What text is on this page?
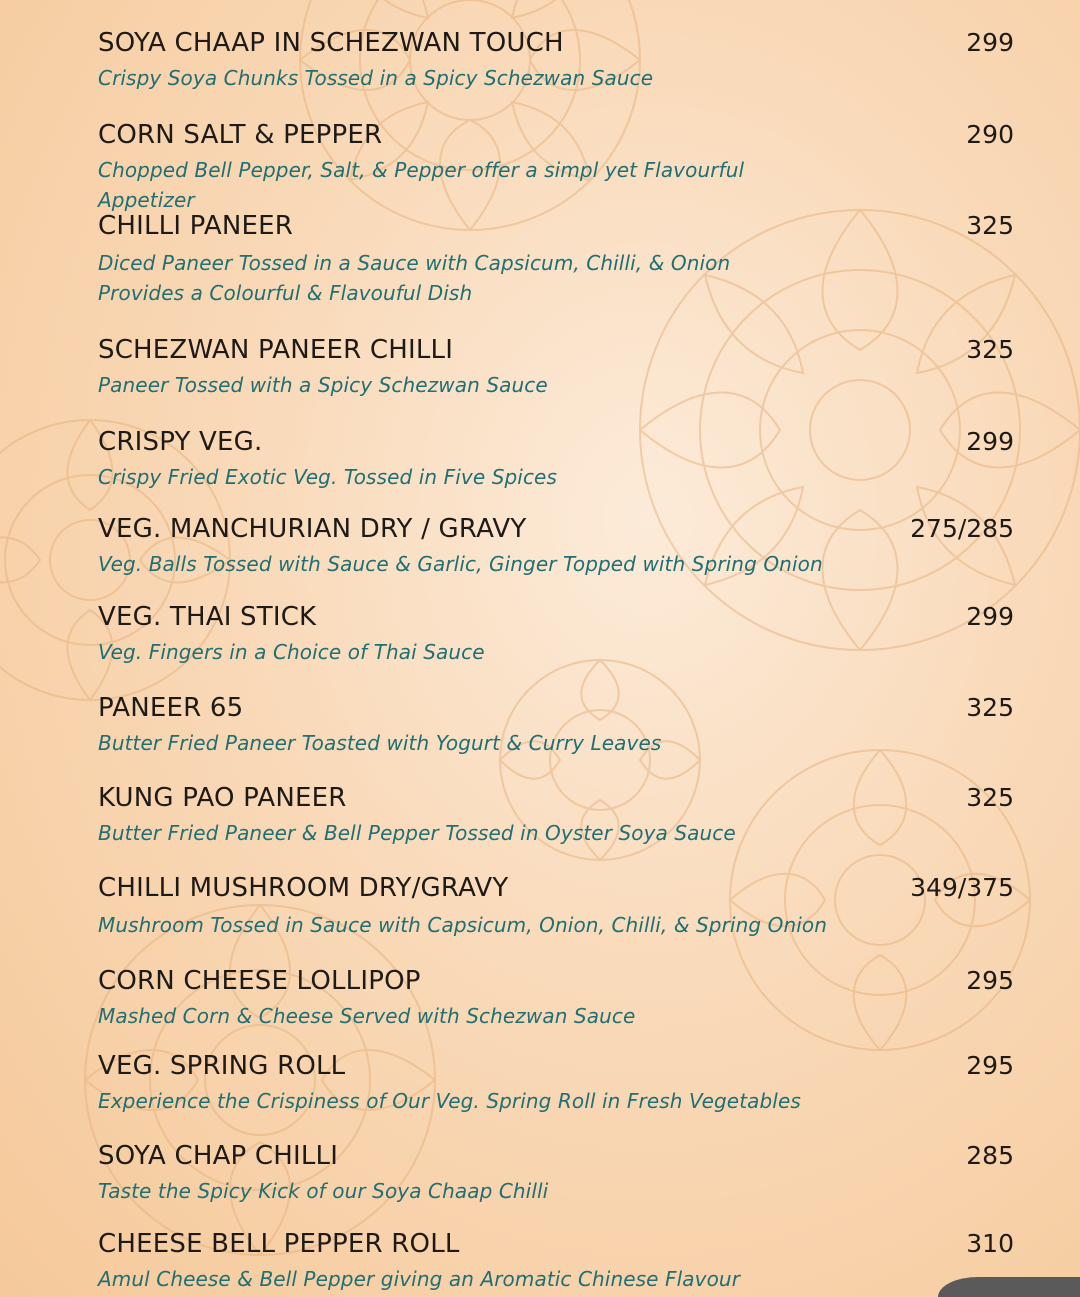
SOYA CHAAP IN SCHEZWAN TOUCH	299
Crispy Soya Chunks Tossed in a Spicy Schezwan Sauce
CORN SALT & PEPPER	290
Chopped Bell Pepper, Salt, & Pepper offer a simpl yet Flavourful Appetizer
CHILLI PANEER	325
Diced Paneer Tossed in a Sauce with Capsicum, Chilli, & Onion Provides a Colourful & Flavouful Dish
SCHEZWAN PANEER CHILLI	325
Paneer Tossed with a Spicy Schezwan Sauce
CRISPY VEG.	299
Crispy Fried Exotic Veg. Tossed in Five Spices
VEG. MANCHURIAN DRY / GRAVY	275/285
Veg. Balls Tossed with Sauce & Garlic, Ginger Topped with Spring Onion
VEG. THAI STICK	299
Veg. Fingers in a Choice of Thai Sauce
PANEER 65	325
Butter Fried Paneer Toasted with Yogurt & Curry Leaves
KUNG PAO PANEER	325
Butter Fried Paneer & Bell Pepper Tossed in Oyster Soya Sauce
CHILLI MUSHROOM DRY/GRAVY	349/375
Mushroom Tossed in Sauce with Capsicum, Onion, Chilli, & Spring Onion
CORN CHEESE LOLLIPOP	295
Mashed Corn & Cheese Served with Schezwan Sauce
VEG. SPRING ROLL	295
Experience the Crispiness of Our Veg. Spring Roll in Fresh Vegetables
SOYA CHAP CHILLI	285
Taste the Spicy Kick of our Soya Chaap Chilli
CHEESE BELL PEPPER ROLL	310
Amul Cheese & Bell Pepper giving an Aromatic Chinese Flavour
